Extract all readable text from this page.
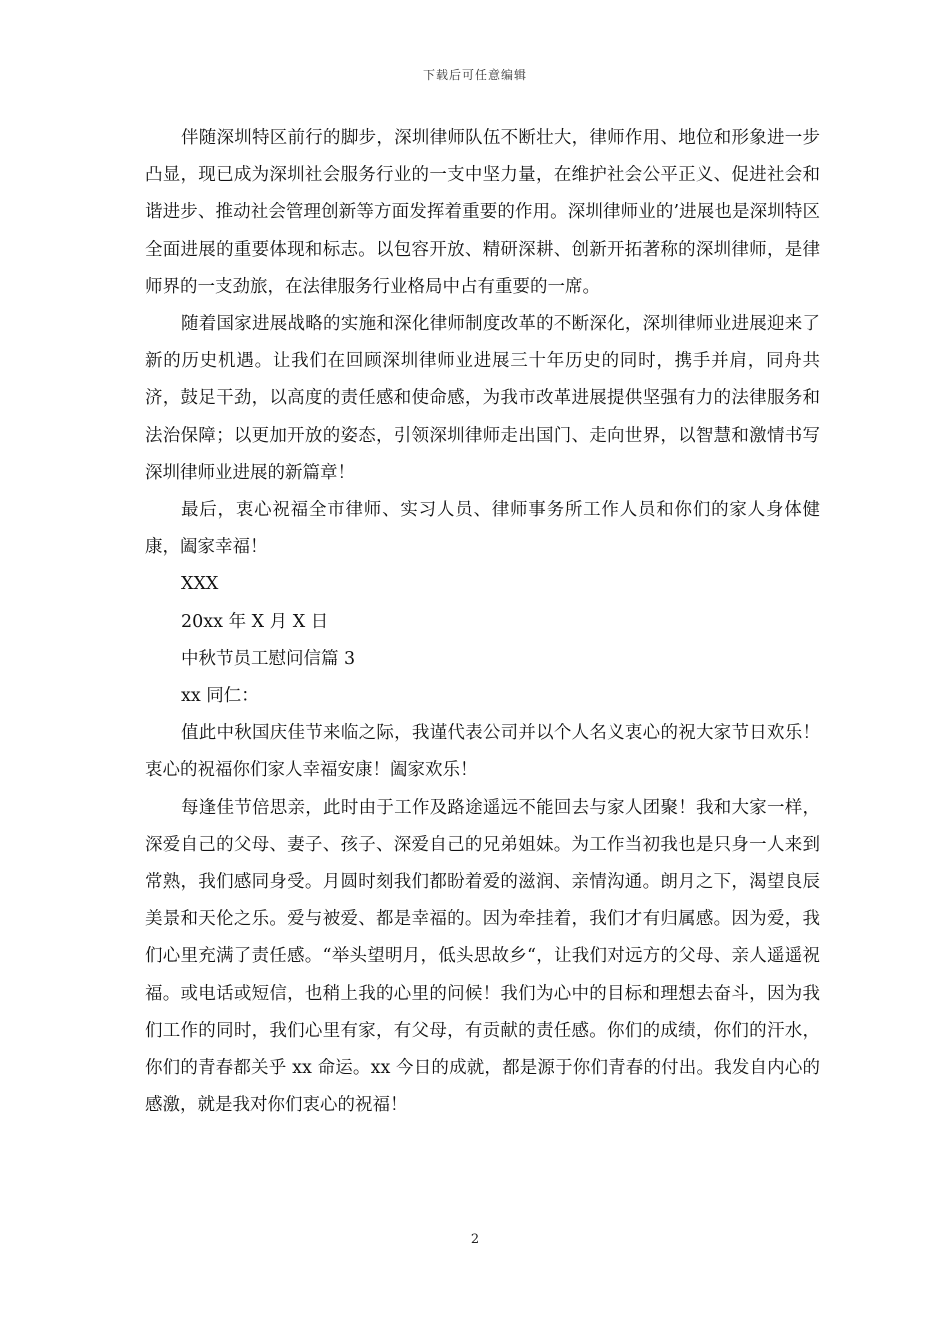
下载后可任意编辑

伴随深圳特区前行的脚步，深圳律师队伍不断壮大，律师作用、地位和形象进一步凸显，现已成为深圳社会服务行业的一支中坚力量，在维护社会公平正义、促进社会和谐进步、推动社会管理创新等方面发挥着重要的作用。深圳律师业的’进展也是深圳特区全面进展的重要体现和标志。以包容开放、精研深耕、创新开拓著称的深圳律师，是律师界的一支劲旅，在法律服务行业格局中占有重要的一席。

随着国家进展战略的实施和深化律师制度改革的不断深化，深圳律师业进展迎来了新的历史机遇。让我们在回顾深圳律师业进展三十年历史的同时，携手并肩，同舟共济，鼓足干劲，以高度的责任感和使命感，为我市改革进展提供坚强有力的法律服务和法治保障；以更加开放的姿态，引领深圳律师走出国门、走向世界，以智慧和激情书写深圳律师业进展的新篇章！

最后，衷心祝福全市律师、实习人员、律师事务所工作人员和你们的家人身体健康，阖家幸福！

XXX

20xx 年 X 月 X 日

中秋节员工慰问信篇 3

xx 同仁：

值此中秋国庆佳节来临之际，我谨代表公司并以个人名义衷心的祝大家节日欢乐！衷心的祝福你们家人幸福安康！阖家欢乐！

每逢佳节倍思亲，此时由于工作及路途遥远不能回去与家人团聚！我和大家一样，深爱自己的父母、妻子、孩子、深爱自己的兄弟姐妹。为工作当初我也是只身一人来到常熟，我们感同身受。月圆时刻我们都盼着爱的滋润、亲情沟通。朗月之下，渴望良辰美景和天伦之乐。爱与被爱、都是幸福的。因为牵挂着，我们才有归属感。因为爱，我们心里充满了责任感。“举头望明月，低头思故乡“，让我们对远方的父母、亲人遥遥祝福。或电话或短信，也稍上我的心里的问候！我们为心中的目标和理想去奋斗，因为我们工作的同时，我们心里有家，有父母，有贡献的责任感。你们的成绩，你们的汗水，你们的青春都关乎 xx 命运。xx 今日的成就，都是源于你们青春的付出。我发自内心的感激，就是我对你们衷心的祝福！

2
